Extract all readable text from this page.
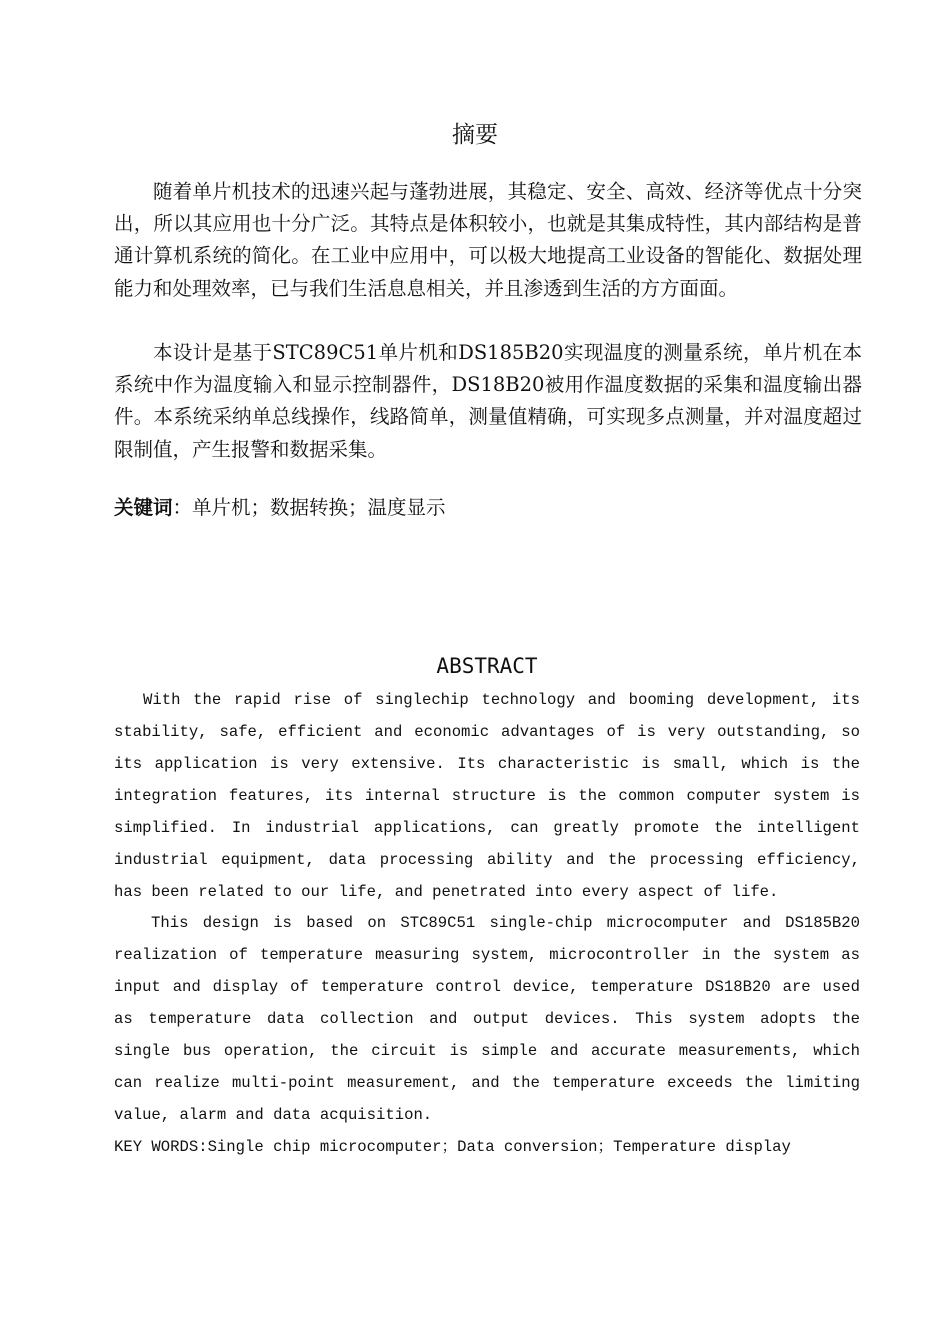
摘要

随着单片机技术的迅速兴起与蓬勃进展，其稳定、安全、高效、经济等优点十分突出，所以其应用也十分广泛。其特点是体积较小，也就是其集成特性，其内部结构是普通计算机系统的简化。在工业中应用中，可以极大地提高工业设备的智能化、数据处理能力和处理效率，已与我们生活息息相关，并且渗透到生活的方方面面。

本设计是基于STC89C51单片机和DS185B20实现温度的测量系统，单片机在本系统中作为温度输入和显示控制器件，DS18B20被用作温度数据的采集和温度输出器件。本系统采纳单总线操作，线路简单，测量值精确，可实现多点测量，并对温度超过限制值，产生报警和数据采集。

关键词：单片机；数据转换；温度显示
ABSTRACT

With the rapid rise of singlechip technology and booming development, its stability, safe, efficient and economic advantages of is very outstanding, so its application is very extensive. Its characteristic is small, which is the integration features, its internal structure is the common computer system is simplified. In industrial applications, can greatly promote the intelligent industrial equipment, data processing ability and the processing efficiency, has been related to our life, and penetrated into every aspect of life.

This design is based on STC89C51 single-chip microcomputer and DS185B20 realization of temperature measuring system, microcontroller in the system as input and display of temperature control device, temperature DS18B20 are used as temperature data collection and output devices. This system adopts the single bus operation, the circuit is simple and accurate measurements, which can realize multi-point measurement, and the temperature exceeds the limiting value, alarm and data acquisition.

KEY WORDS:Single chip microcomputer；Data conversion；Temperature display
